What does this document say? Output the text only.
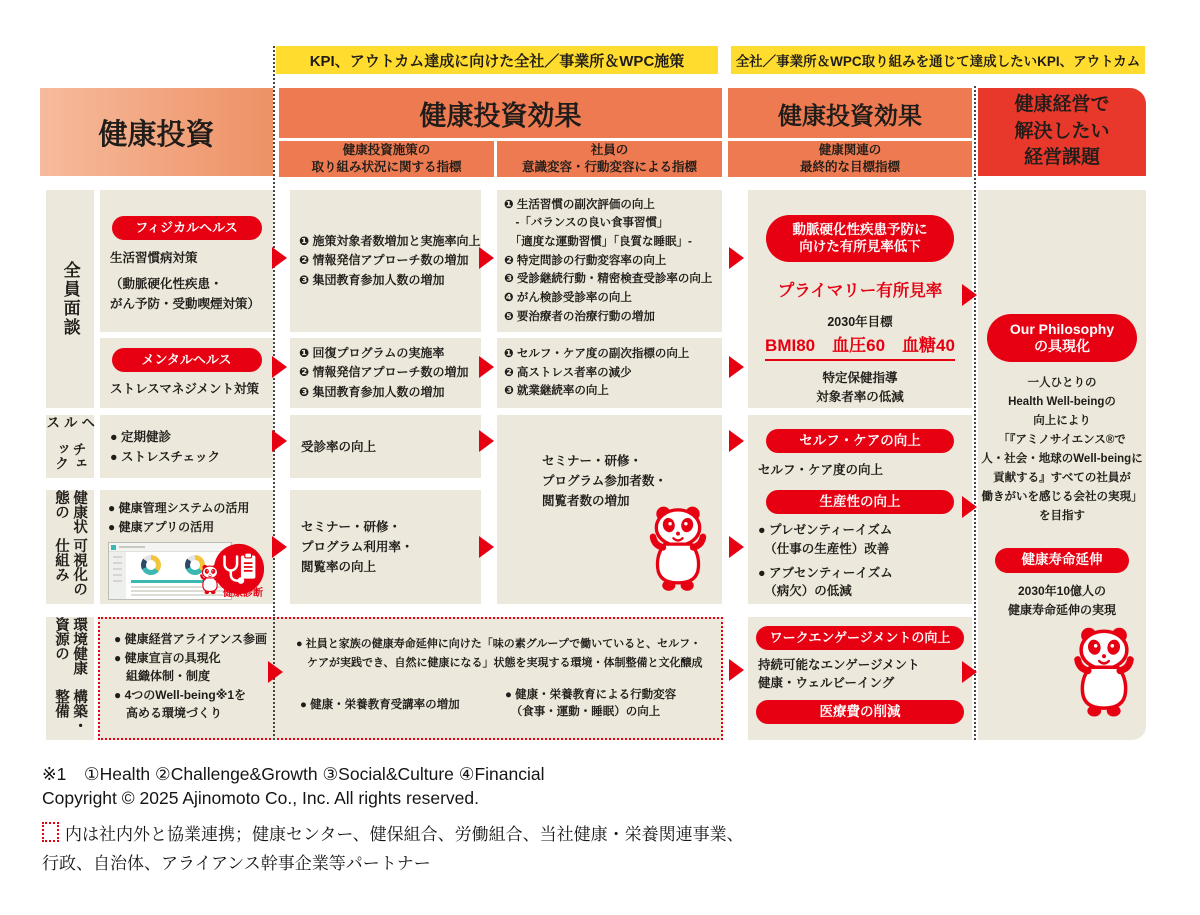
KPI、アウトカム達成に向けた全社／事業所＆WPC施策	全社／事業所＆WPC取り組みを通じて達成したいKPI、アウトカム
健康投資
健康投資効果
健康投資施策の
取り組み状況に関する指標
社員の
意識変容・行動変容による指標
健康投資効果
健康関連の
最終的な目標指標
健康経営で
解決したい
経営課題
全員面談
ヘルス
チェック
健康状態の
可視化の仕組み
環境健康資源の
構築・整備
フィジカルヘルス
生活習慣病対策
（動脈硬化性疾患・
がん予防・受動喫煙対策）
メンタルヘルス
ストレスマネジメント対策
❶ 施策対象者数増加と実施率向上
❷ 情報発信アプローチ数の増加
❸ 集団教育参加人数の増加
❶ 回復プログラムの実施率
❷ 情報発信アプローチ数の増加
❸ 集団教育参加人数の増加
❶ 生活習慣の副次評価の向上
　-「バランスの良い食事習慣」
　「適度な運動習慣」「良質な睡眠」-
❷ 特定問診の行動変容率の向上
❸ 受診継続行動・精密検査受診率の向上
❹ がん検診受診率の向上
❺ 要治療者の治療行動の増加
❶ セルフ・ケア度の副次指標の向上
❷ 高ストレス者率の減少
❸ 就業継続率の向上
動脈硬化性疾患予防に
向けた有所見率低下
プライマリー有所見率
2030年目標
BMI80　血圧60　血糖40
特定保健指導
対象者率の低減
● 定期健診
● ストレスチェック
受診率の向上
セミナー・研修・
プログラム参加者数・
閲覧者数の増加
セルフ・ケアの向上
セルフ・ケア度の向上
生産性の向上
● プレゼンティーイズム
　（仕事の生産性）改善
● アブセンティーイズム
　（病欠）の低減
● 健康管理システムの活用
● 健康アプリの活用
健康診断
セミナー・研修・
プログラム利用率・
閲覧率の向上
● 健康経営アライアンス参画
● 健康宣言の具現化
　組織体制・制度
● 4つのWell-being※1を
　高める環境づくり
● 社員と家族の健康寿命延伸に向けた「味の素グループで働いていると、セルフ・
　ケアが実践でき、自然に健康になる」状態を実現する環境・体制整備と文化醸成
● 健康・栄養教育受講率の増加
● 健康・栄養教育による行動変容
　（食事・運動・睡眠）の向上
ワークエンゲージメントの向上
持続可能なエンゲージメント
健康・ウェルビーイング
医療費の削減
Our Philosophy
の具現化
一人ひとりの
Health Well-beingの
向上により
「『アミノサイエンス®で
人・社会・地球のWell-beingに
貢献する』すべての社員が
働きがいを感じる会社の実現」
を目指す
健康寿命延伸
2030年10億人の
健康寿命延伸の実現
※1　①Health ②Challenge&Growth ③Social&Culture ④Financial
Copyright © 2025 Ajinomoto Co., Inc. All rights reserved.
内は社内外と協業連携；健康センター、健保組合、労働組合、当社健康・栄養関連事業、
行政、自治体、アライアンス幹事企業等パートナー
